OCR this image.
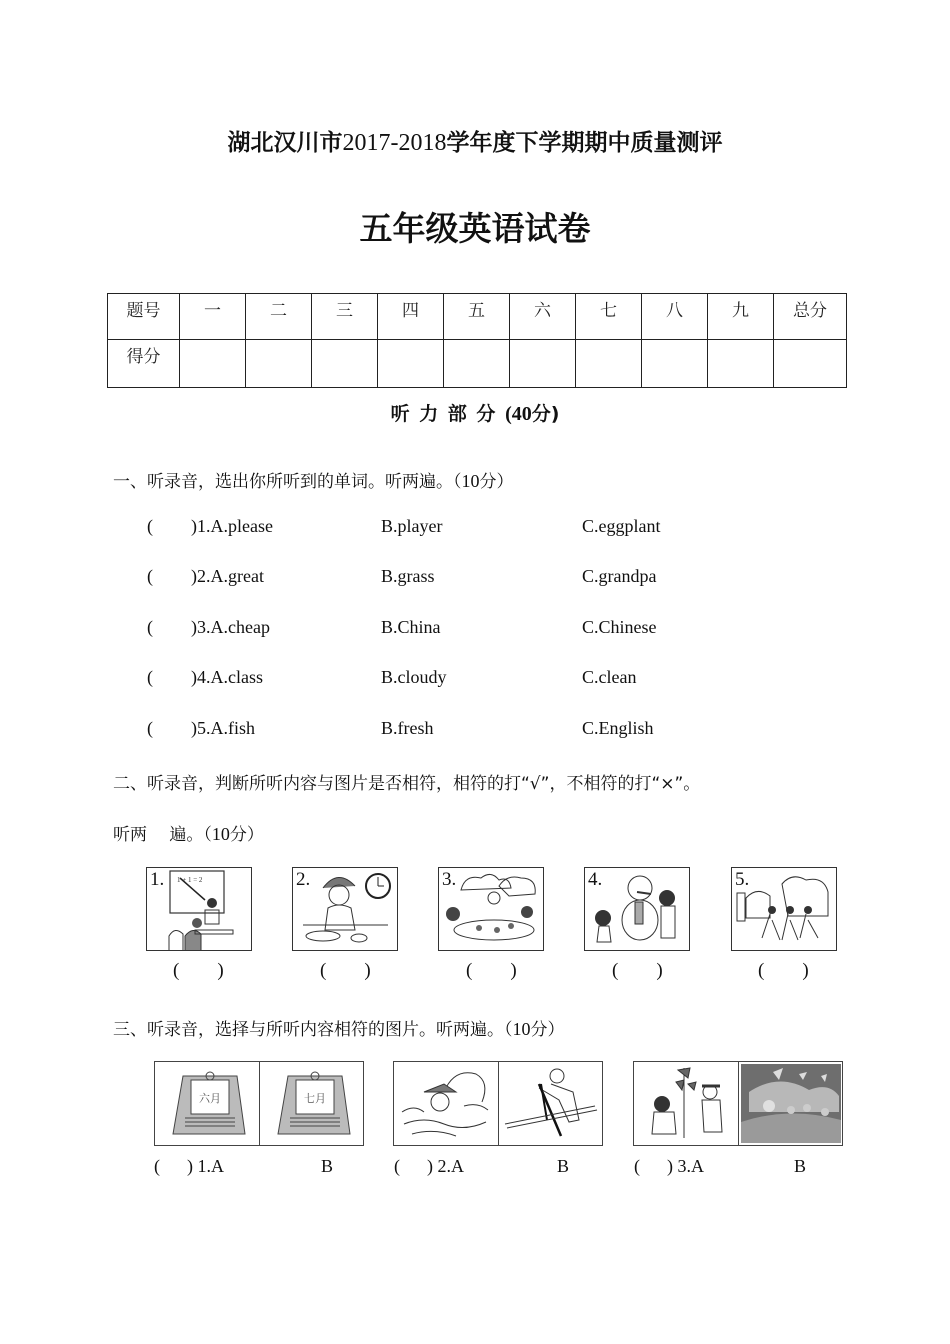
湖北汉川市2017-2018学年度下学期期中质量测评
五年级英语试卷
题号	一	二	三	四	五	六	七	八	九	总分
得分										
听 力 部 分 (40分)
一、听录音，选出你所听到的单词。听两遍。（10分）
( )1.A.please	B.player	C.eggplant
( )2.A.great	B.grass	C.grandpa
( )3.A.cheap	B.China	C.Chinese
( )4.A.class	B.cloudy	C.clean
( )5.A.fish	B.fresh	C.English
二、听录音，判断所听内容与图片是否相符，相符的打“√”，不相符的打“×”。
听两　 遍。（10分）
1. 1 + 1 = 2
(        )
2.
(        )
3.
(        )
4.
(        )
5.
(        )
三、听录音，选择与所听内容相符的图片。听两遍。（10分）
六月	七月
(      ) 1.A	B	(      ) 2.A	B	(      ) 3.A	B
